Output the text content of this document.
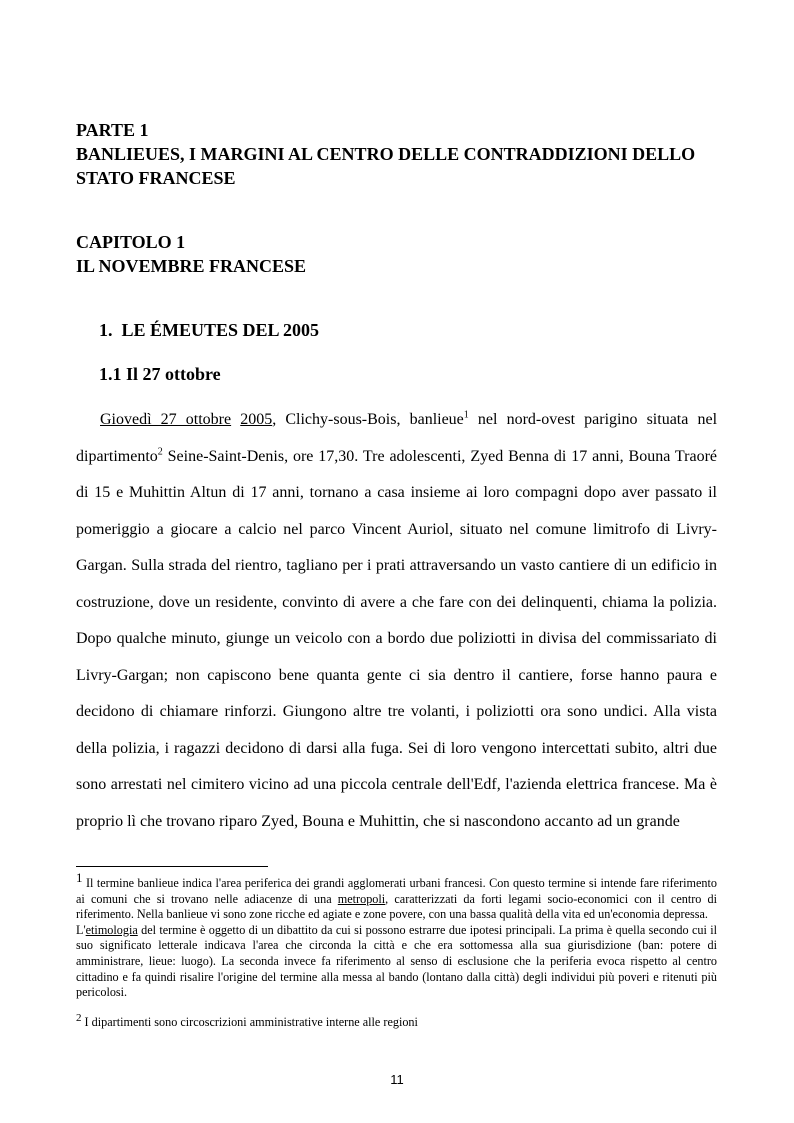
PARTE 1

BANLIEUES, I MARGINI AL CENTRO DELLE CONTRADDIZIONI DELLO

STATO FRANCESE

CAPITOLO 1

IL NOVEMBRE FRANCESE

1. LE ÉMEUTES DEL 2005

1.1 Il 27 ottobre

Giovedì 27 ottobre 2005, Clichy-sous-Bois, banlieue$^1$ nel nord-ovest parigino situata nel dipartimento$^2$ Seine-Saint-Denis, ore 17,30. Tre adolescenti, Zyed Benna di 17 anni, Bouna Traoré di 15 e Muhittin Altun di 17 anni, tornano a casa insieme ai loro compagni dopo aver passato il pomeriggio a giocare a calcio nel parco Vincent Auriol, situato nel comune limitrofo di Livry-Gargan. Sulla strada del rientro, tagliano per i prati attraversando un vasto cantiere di un edificio in costruzione, dove un residente, convinto di avere a che fare con dei delinquenti, chiama la polizia. Dopo qualche minuto, giunge un veicolo con a bordo due poliziotti in divisa del commissariato di Livry-Gargan; non capiscono bene quanta gente ci sia dentro il cantiere, forse hanno paura e decidono di chiamare rinforzi. Giungono altre tre volanti, i poliziotti ora sono undici. Alla vista della polizia, i ragazzi decidono di darsi alla fuga. Sei di loro vengono intercettati subito, altri due sono arrestati nel cimitero vicino ad una piccola centrale dell'Edf, l'azienda elettrica francese. Ma è proprio lì che trovano riparo Zyed, Bouna e Muhittin, che si nascondono accanto ad un grande

1 Il termine banlieue indica l'area periferica dei grandi agglomerati urbani francesi. Con questo termine si intende fare riferimento ai comuni che si trovano nelle adiacenze di una metropoli, caratterizzati da forti legami socio-economici con il centro di riferimento. Nella banlieue vi sono zone ricche ed agiate e zone povere, con una bassa qualità della vita ed un'economia depressa.

L'etimologia del termine è oggetto di un dibattito da cui si possono estrarre due ipotesi principali. La prima è quella secondo cui il suo significato letterale indicava l'area che circonda la città e che era sottomessa alla sua giurisdizione (ban: potere di amministrare, lieue: luogo). La seconda invece fa riferimento al senso di esclusione che la periferia evoca rispetto al centro cittadino e fa quindi risalire l'origine del termine alla messa al bando (lontano dalla città) degli individui più poveri e ritenuti più pericolosi.

2 I dipartimenti sono circoscrizioni amministrative interne alle regioni

11
